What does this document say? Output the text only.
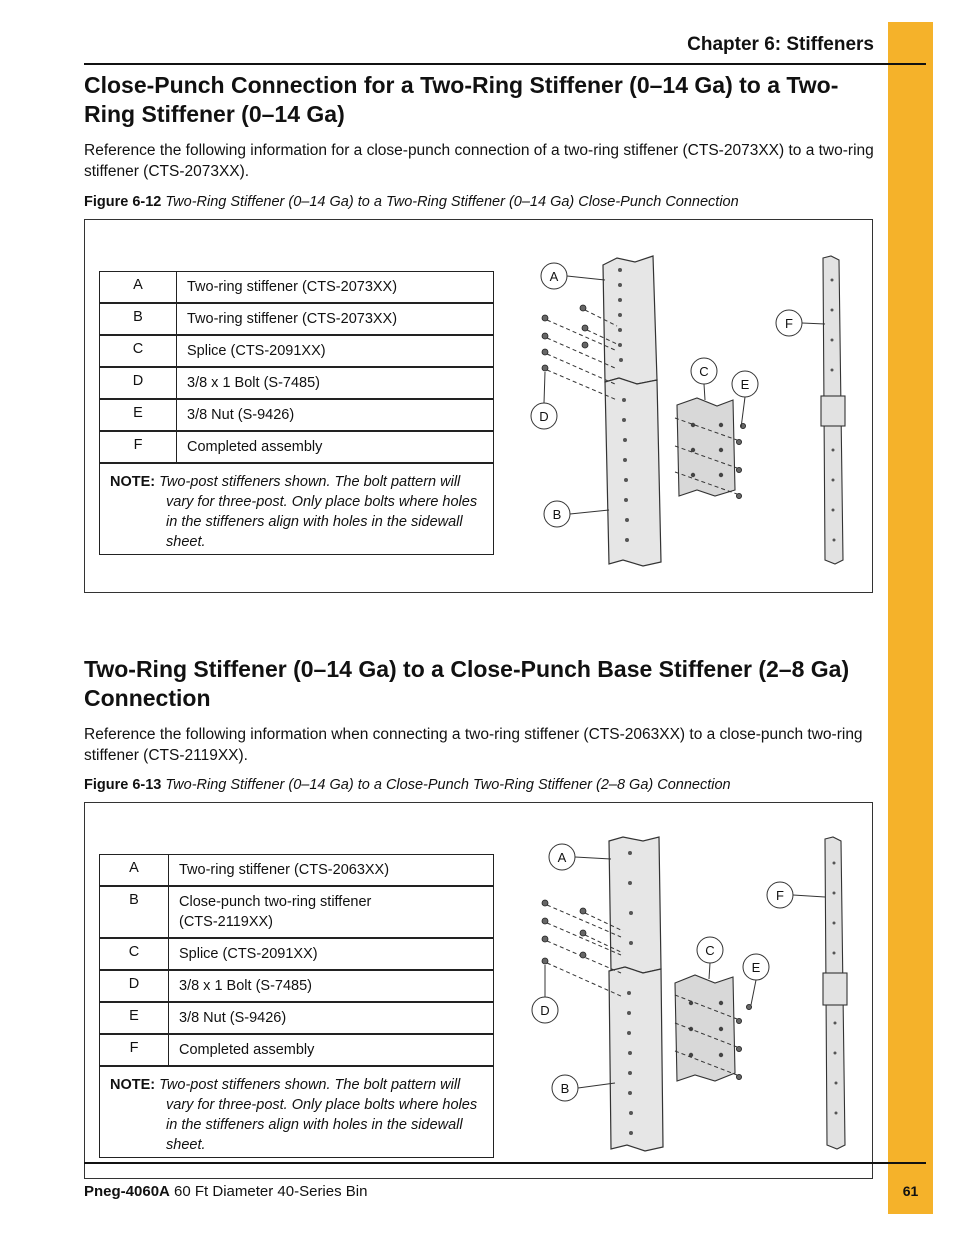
Chapter 6: Stiffeners
Close-Punch Connection for a Two-Ring Stiffener (0–14 Ga) to a Two-Ring Stiffener (0–14 Ga)

Reference the following information for a close-punch connection of a two-ring stiffener (CTS-2073XX) to a two-ring stiffener (CTS-2073XX).

Figure 6-12 Two-Ring Stiffener (0–14 Ga) to a Two-Ring Stiffener (0–14 Ga) Close-Punch Connection

A	Two-ring stiffener (CTS-2073XX)
B	Two-ring stiffener (CTS-2073XX)
C	Splice (CTS-2091XX)
D	3/8 x 1 Bolt (S-7485)
E	3/8 Nut (S-9426)
F	Completed assembly
NOTE: Two-post stiffeners shown. The bolt pattern will
vary for three-post. Only place bolts where holes in the stiffeners align with holes in the sidewall sheet.
A
B
C
D
E
F
Two-Ring Stiffener (0–14 Ga) to a Close-Punch Base Stiffener (2–8 Ga) Connection

Reference the following information when connecting a two-ring stiffener (CTS-2063XX) to a close-punch two-ring stiffener (CTS-2119XX).

Figure 6-13 Two-Ring Stiffener (0–14 Ga) to a Close-Punch Two-Ring Stiffener (2–8 Ga) Connection

A	Two-ring stiffener (CTS-2063XX)
B	Close-punch two-ring stiffener (CTS-2119XX)
C	Splice (CTS-2091XX)
D	3/8 x 1 Bolt (S-7485)
E	3/8 Nut (S-9426)
F	Completed assembly
NOTE: Two-post stiffeners shown. The bolt pattern will
vary for three-post. Only place bolts where holes in the stiffeners align with holes in the sidewall sheet.
A
B
C
D
E
F
Pneg-4060A 60 Ft Diameter 40-Series Bin	61
